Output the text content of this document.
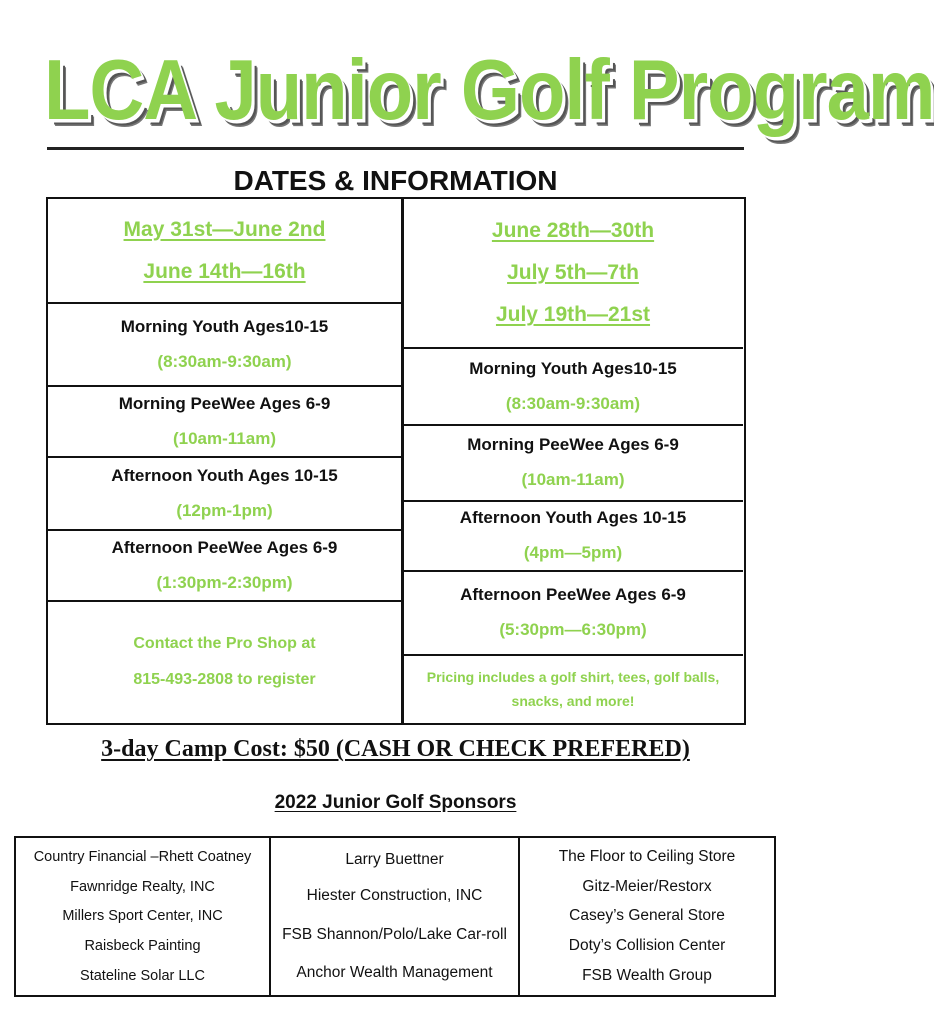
LCA Junior Golf Program
DATES & INFORMATION
May 31st—June 2nd
June 14th—16th
Morning Youth Ages10-15
(8:30am-9:30am)
Morning PeeWee Ages 6-9
(10am-11am)
Afternoon Youth Ages 10-15
(12pm-1pm)
Afternoon PeeWee Ages 6-9
(1:30pm-2:30pm)
Contact the Pro Shop at
815-493-2808 to register
June 28th—30th
July 5th—7th
July 19th—21st
Morning Youth Ages10-15
(8:30am-9:30am)
Morning PeeWee Ages 6-9
(10am-11am)
Afternoon Youth Ages 10-15
(4pm—5pm)
Afternoon PeeWee Ages 6-9
(5:30pm—6:30pm)
Pricing includes a golf shirt, tees, golf balls, snacks, and more!
3-day Camp Cost: $50 (CASH OR CHECK PREFERED)
2022 Junior Golf Sponsors
Country Financial –Rhett Coatney
Fawnridge Realty, INC
Millers Sport Center, INC
Raisbeck Painting
Stateline Solar LLC
Larry Buettner
Hiester Construction, INC
FSB Shannon/Polo/Lake Car-roll
Anchor Wealth Management
The Floor to Ceiling Store
Gitz-Meier/Restorx
Casey’s General Store
Doty’s Collision Center
FSB Wealth Group
